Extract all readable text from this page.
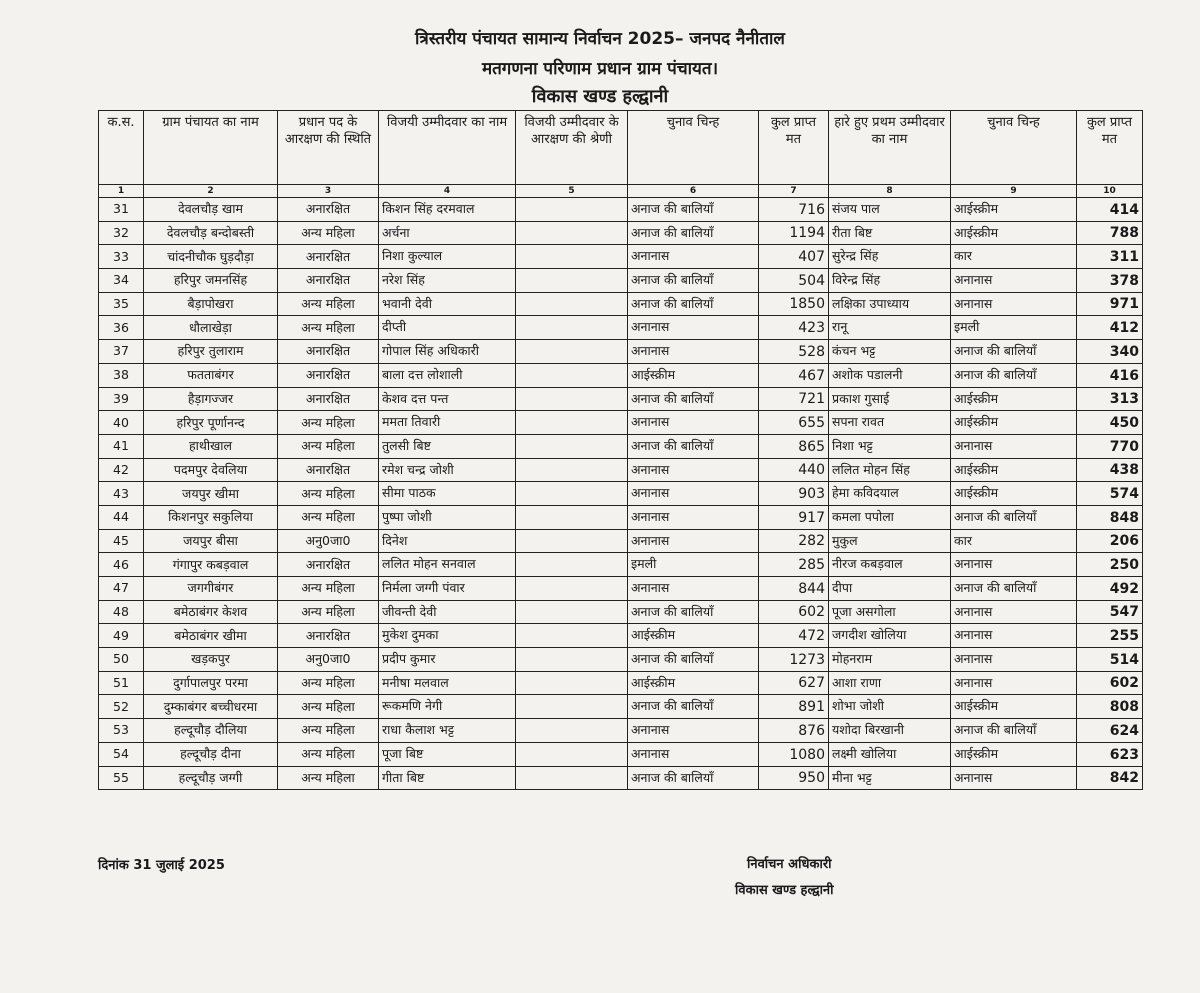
त्रिस्तरीय पंचायत सामान्य निर्वाचन 2025– जनपद नैनीताल
मतगणना परिणाम प्रधान ग्राम पंचायत।
विकास खण्ड हल्द्वानी
क.स.	ग्राम पंचायत का नाम	प्रधान पद के आरक्षण की स्थिति	विजयी उम्मीदवार का नाम	विजयी उम्मीदवार के आरक्षण की श्रेणी	चुनाव चिन्ह	कुल प्राप्त मत	हारे हुए प्रथम उम्मीदवार का नाम	चुनाव चिन्ह	कुल प्राप्त मत
1	2	3	4	5	6	7	8	9	10
31	देवलचौड़ खाम	अनारक्षित	किशन सिंह दरमवाल		अनाज की बालियाँ	716	संजय पाल	आईस्क्रीम	414
32	देवलचौड़ बन्दोबस्ती	अन्य महिला	अर्चना		अनाज की बालियाँ	1194	रीता बिष्ट	आईस्क्रीम	788
33	चांदनीचौक घुड़दौड़ा	अनारक्षित	निशा कुल्याल		अनानास	407	सुरेन्द्र सिंह	कार	311
34	हरिपुर जमनसिंह	अनारक्षित	नरेश सिंह		अनाज की बालियाँ	504	विरेन्द्र सिंह	अनानास	378
35	बैड़ापोखरा	अन्य महिला	भवानी देवी		अनाज की बालियाँ	1850	लक्षिका उपाध्याय	अनानास	971
36	धौलाखेड़ा	अन्य महिला	दीप्ती		अनानास	423	रानू	इमली	412
37	हरिपुर तुलाराम	अनारक्षित	गोपाल सिंह अधिकारी		अनानास	528	कंचन भट्ट	अनाज की बालियाँ	340
38	फतताबंगर	अनारक्षित	बाला दत्त लोशाली		आईस्क्रीम	467	अशोक पडालनी	अनाज की बालियाँ	416
39	हैड़ागज्जर	अनारक्षित	केशव दत्त पन्त		अनाज की बालियाँ	721	प्रकाश गुसाई	आईस्क्रीम	313
40	हरिपुर पूर्णानन्द	अन्य महिला	ममता तिवारी		अनानास	655	सपना रावत	आईस्क्रीम	450
41	हाथीखाल	अन्य महिला	तुलसी बिष्ट		अनाज की बालियाँ	865	निशा भट्ट	अनानास	770
42	पदमपुर देवलिया	अनारक्षित	रमेश चन्द्र जोशी		अनानास	440	ललित मोहन सिंह	आईस्क्रीम	438
43	जयपुर खीमा	अन्य महिला	सीमा पाठक		अनानास	903	हेमा कविदयाल	आईस्क्रीम	574
44	किशनपुर सकुलिया	अन्य महिला	पुष्पा जोशी		अनानास	917	कमला पपोला	अनाज की बालियाँ	848
45	जयपुर बीसा	अनु0जा0	दिनेश		अनानास	282	मुकुल	कार	206
46	गंगापुर कबड़वाल	अनारक्षित	ललित मोहन सनवाल		इमली	285	नीरज कबड़वाल	अनानास	250
47	जगगीबंगर	अन्य महिला	निर्मला जग्गी पंवार		अनानास	844	दीपा	अनाज की बालियाँ	492
48	बमेठाबंगर केशव	अन्य महिला	जीवन्ती देवी		अनाज की बालियाँ	602	पूजा असगोला	अनानास	547
49	बमेठाबंगर खीमा	अनारक्षित	मुकेश दुमका		आईस्क्रीम	472	जगदीश खोलिया	अनानास	255
50	खड़कपुर	अनु0जा0	प्रदीप कुमार		अनाज की बालियाँ	1273	मोहनराम	अनानास	514
51	दुर्गापालपुर परमा	अन्य महिला	मनीषा मलवाल		आईस्क्रीम	627	आशा राणा	अनानास	602
52	दुम्काबंगर बच्चीधरमा	अन्य महिला	रूकमणि नेगी		अनाज की बालियाँ	891	शोभा जोशी	आईस्क्रीम	808
53	हल्दूचौड़ दौलिया	अन्य महिला	राधा कैलाश भट्ट		अनानास	876	यशोदा बिरखानी	अनाज की बालियाँ	624
54	हल्दूचौड़ दीना	अन्य महिला	पूजा बिष्ट		अनानास	1080	लक्ष्मी खोलिया	आईस्क्रीम	623
55	हल्दूचौड़ जग्गी	अन्य महिला	गीता बिष्ट		अनाज की बालियाँ	950	मीना भट्ट	अनानास	842
दिनांक 31 जुलाई 2025	निर्वाचन अधिकारी
विकास खण्ड हल्द्वानी
